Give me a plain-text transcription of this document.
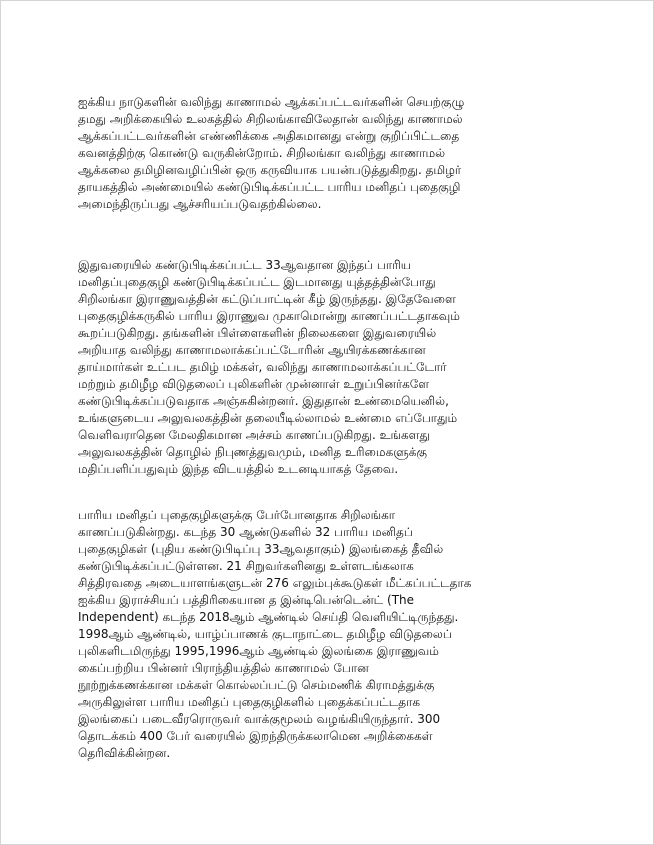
ஐக்கிய நாடுகளின் வலிந்து காணாமல் ஆக்கப்பட்டவர்களின் செயற்குழு
தமது அறிக்கையில் உலகத்தில் சிறிலங்காவிலேதான் வலிந்து காணாமல்
ஆக்கப்பட்டவர்களின் எண்ணிக்கை அதிகமானது என்று குறிப்பிட்டதை
கவனத்திற்கு கொண்டு வருகின்றோம். சிறிலங்கா வலிந்து காணாமல்
ஆக்கலை தமிழினவழிப்பின் ஒரு கருவியாக பயன்படுத்துகிறது. தமிழர்
தாயகத்தில் அண்மையில் கண்டுபிடிக்கப்பட்ட பாரிய மனிதப் புதைகுழி
அமைந்திருப்பது ஆச்சரியப்படுவதற்கில்லை.

இதுவரையில் கண்டுபிடிக்கப்பட்ட 33ஆவதான இந்தப் பாரிய
மனிதப்புதைகுழி கண்டுபிடிக்கப்பட்ட இடமானது யுத்தத்தின்போது
சிறிலங்கா இராணுவத்தின் கட்டுப்பாட்டின் கீழ் இருந்தது. இதேவேளை
புதைகுழிக்கருகில் பாரிய இராணுவ முகாமொன்று காணப்பட்டதாகவும்
கூறப்படுகிறது. தங்களின் பிள்ளைகளின் நிலைகளை இதுவரையில்
அறியாத வலிந்து காணாமலாக்கப்பட்டோரின் ஆயிரக்கணக்கான
தாய்மார்கள் உட்பட தமிழ் மக்கள், வலிந்து காணாமலாக்கப்பட்டோர்
மற்றும் தமிழீழ விடுதலைப் புலிகளின் முன்னாள் உறுப்பினர்களே
கண்டுபிடிக்கப்படுவதாக அஞ்சுகின்றனர். இதுதான் உண்மையெனில்,
உங்களுடைய அலுவலகத்தின் தலையீடில்லாமல் உண்மை எப்போதும்
வெளிவராதென மேலதிகமான அச்சம் காணப்படுகிறது. உங்களது
அலுவலகத்தின் தொழில் நிபுணத்துவமும், மனித உரிமைகளுக்கு
மதிப்பளிப்பதுவும் இந்த விடயத்தில் உடனடியாகத் தேவை.

பாரிய மனிதப் புதைகுழிகளுக்கு பேர்போனதாக சிறிலங்கா
காணப்படுகின்றது. கடந்த 30 ஆண்டுகளில் 32 பாரிய மனிதப்
புதைகுழிகள் (புதிய கண்டுபிடிப்பு 33ஆவதாகும்) இலங்கைத் தீவில்
கண்டுபிடிக்கப்பட்டுள்ளன. 21 சிறுவர்களினது உள்ளடங்கலாக
சித்திரவதை அடையாளங்களுடன் 276 எலும்புக்கூடுகள் மீட்கப்பட்டதாக
ஐக்கிய இராச்சியப் பத்திரிகையான த இன்டிபென்டென்ட் (The
Independent) கடந்த 2018ஆம் ஆண்டில் செய்தி வெளியிட்டிருந்தது.
1998ஆம் ஆண்டில், யாழ்ப்பாணக் குடாநாட்டை தமிழீழ விடுதலைப்
புலிகளிடமிருந்து 1995,1996ஆம் ஆண்டில் இலங்கை இராணுவம்
கைப்பற்றிய பின்னர் பிராந்தியத்தில் காணாமல் போன
நூற்றுக்கணக்கான மக்கள் கொல்லப்பட்டு செம்மணிக் கிராமத்துக்கு
அருகிலுள்ள பாரிய மனிதப் புதைகுழிகளில் புதைக்கப்பட்டதாக
இலங்கைப் படைவீரரொருவர் வாக்குமூலம் வழங்கியிருந்தார். 300
தொடக்கம் 400 பேர் வரையில் இறந்திருக்கலாமென அறிக்கைகள்
தெரிவிக்கின்றன.
